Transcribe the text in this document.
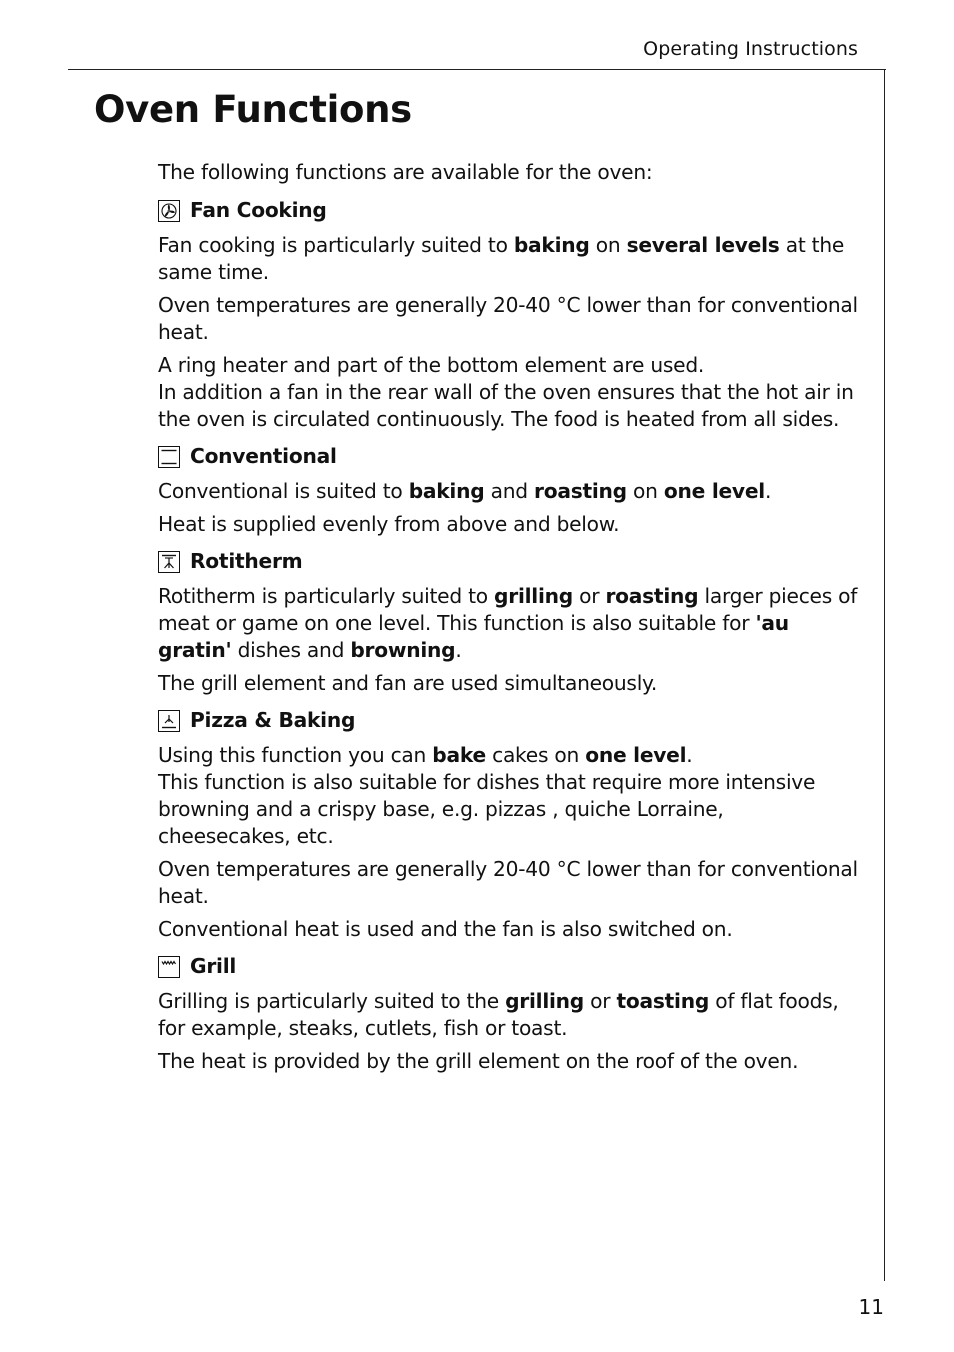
Operating Instructions
Oven Functions

The following functions are available for the oven:

Fan Cooking

Fan cooking is particularly suited to baking on several levels at the same time.

Oven temperatures are generally 20-40 °C lower than for conventional heat.

A ring heater and part of the bottom element are used.
In addition a fan in the rear wall of the oven ensures that the hot air in the oven is circulated continuously. The food is heated from all sides.

Conventional

Conventional is suited to baking and roasting on one level.

Heat is supplied evenly from above and below.

Rotitherm

Rotitherm is particularly suited to grilling or roasting larger pieces of meat or game on one level. This function is also suitable for 'au gratin' dishes and browning.

The grill element and fan are used simultaneously.

Pizza & Baking

Using this function you can bake cakes on one level.
This function is also suitable for dishes that require more intensive browning and a crispy base, e.g. pizzas , quiche Lorraine, cheesecakes, etc.

Oven temperatures are generally 20-40 °C lower than for conventional heat.

Conventional heat is used and the fan is also switched on.

Grill

Grilling is particularly suited to the grilling or toasting of flat foods, for example, steaks, cutlets, fish or toast.

The heat is provided by the grill element on the roof of the oven.

11
